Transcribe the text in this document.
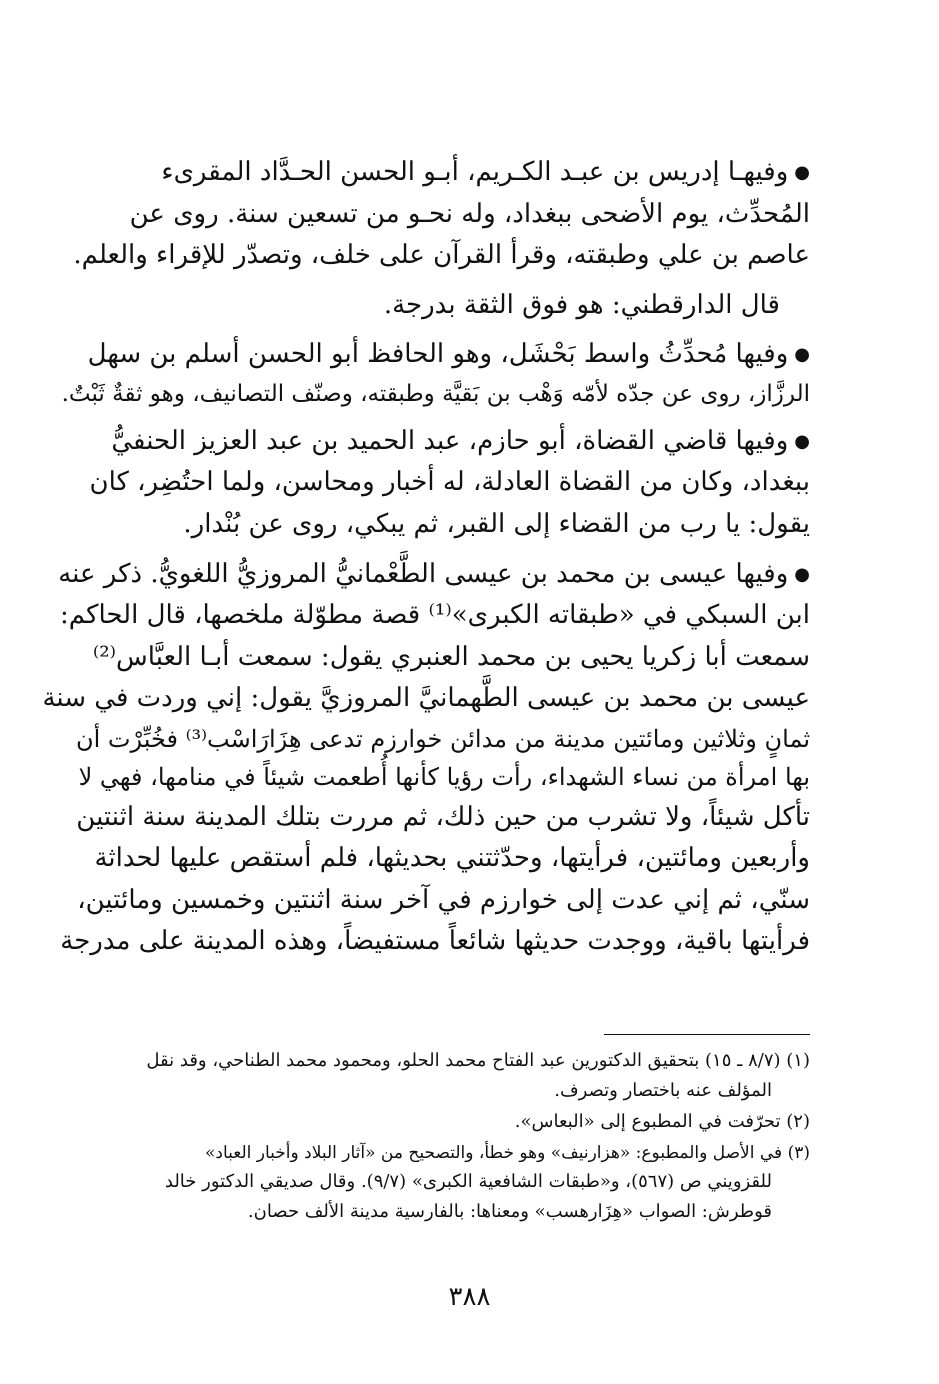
●وفيهـا إدريس بن عبـد الكـريم، أبـو الحسن الحـدَّاد المقرىء
المُحدِّث، يوم الأضحى ببغداد، وله نحـو من تسعين سنة. روى عن
عاصم بن علي وطبقته، وقرأ القرآن على خلف، وتصدّر للإقراء والعلم.

قال الدارقطني: هو فوق الثقة بدرجة.

●وفيها مُحدِّثُ واسط بَحْشَل، وهو الحافظ أبو الحسن أسلم بن سهل
الرزَّاز، روى عن جدّه لأمّه وَهْب بن بَقيَّة وطبقته، وصنّف التصانيف، وهو ثقةٌ ثَبْتٌ.

●وفيها قاضي القضاة، أبو حازم، عبد الحميد بن عبد العزيز الحنفيُّ
ببغداد، وكان من القضاة العادلة، له أخبار ومحاسن، ولما احتُضِر، كان
يقول: يا رب من القضاء إلى القبر، ثم يبكي، روى عن بُنْدار.

●وفيها عيسى بن محمد بن عيسى الطَّعْمانيُّ المروزيُّ اللغويُّ. ذكر عنه
ابن السبكي في «طبقاته الكبرى»⁽¹⁾ قصة مطوّلة ملخصها، قال الحاكم:
سمعت أبا زكريا يحيى بن محمد العنبري يقول: سمعت أبـا العبَّاس⁽²⁾
عيسى بن محمد بن عيسى الطَّهمانيَّ المروزيَّ يقول: إني وردت في سنة
ثمانٍ وثلاثين ومائتين مدينة من مدائن خوارزم تدعى هِزَارَاسْب⁽³⁾ فخُبِّرْت أن
بها امرأة من نساء الشهداء، رأت رؤيا كأنها أُطعمت شيئاً في منامها، فهي لا
تأكل شيئاً، ولا تشرب من حين ذلك، ثم مررت بتلك المدينة سنة اثنتين
وأربعين ومائتين، فرأيتها، وحدّثتني بحديثها، فلم أستقص عليها لحداثة
سنّي، ثم إني عدت إلى خوارزم في آخر سنة اثنتين وخمسين ومائتين،
فرأيتها باقية، ووجدت حديثها شائعاً مستفيضاً، وهذه المدينة على مدرجة

(١) (٨/٧ ـ ١٥) بتحقيق الدكتورين عبد الفتاح محمد الحلو، ومحمود محمد الطناحي، وقد نقل
المؤلف عنه باختصار وتصرف.

(٢) تحرّفت في المطبوع إلى «البعاس».

(٣) في الأصل والمطبوع: «هزارنيف» وهو خطأ، والتصحيح من «آثار البلاد وأخبار العباد»
للقزويني ص (٥٦٧)، و«طبقات الشافعية الكبرى» (٩/٧). وقال صديقي الدكتور خالد
قوطرش: الصواب «هِزَارهسب» ومعناها: بالفارسية مدينة الألف حصان.

٣٨٨
